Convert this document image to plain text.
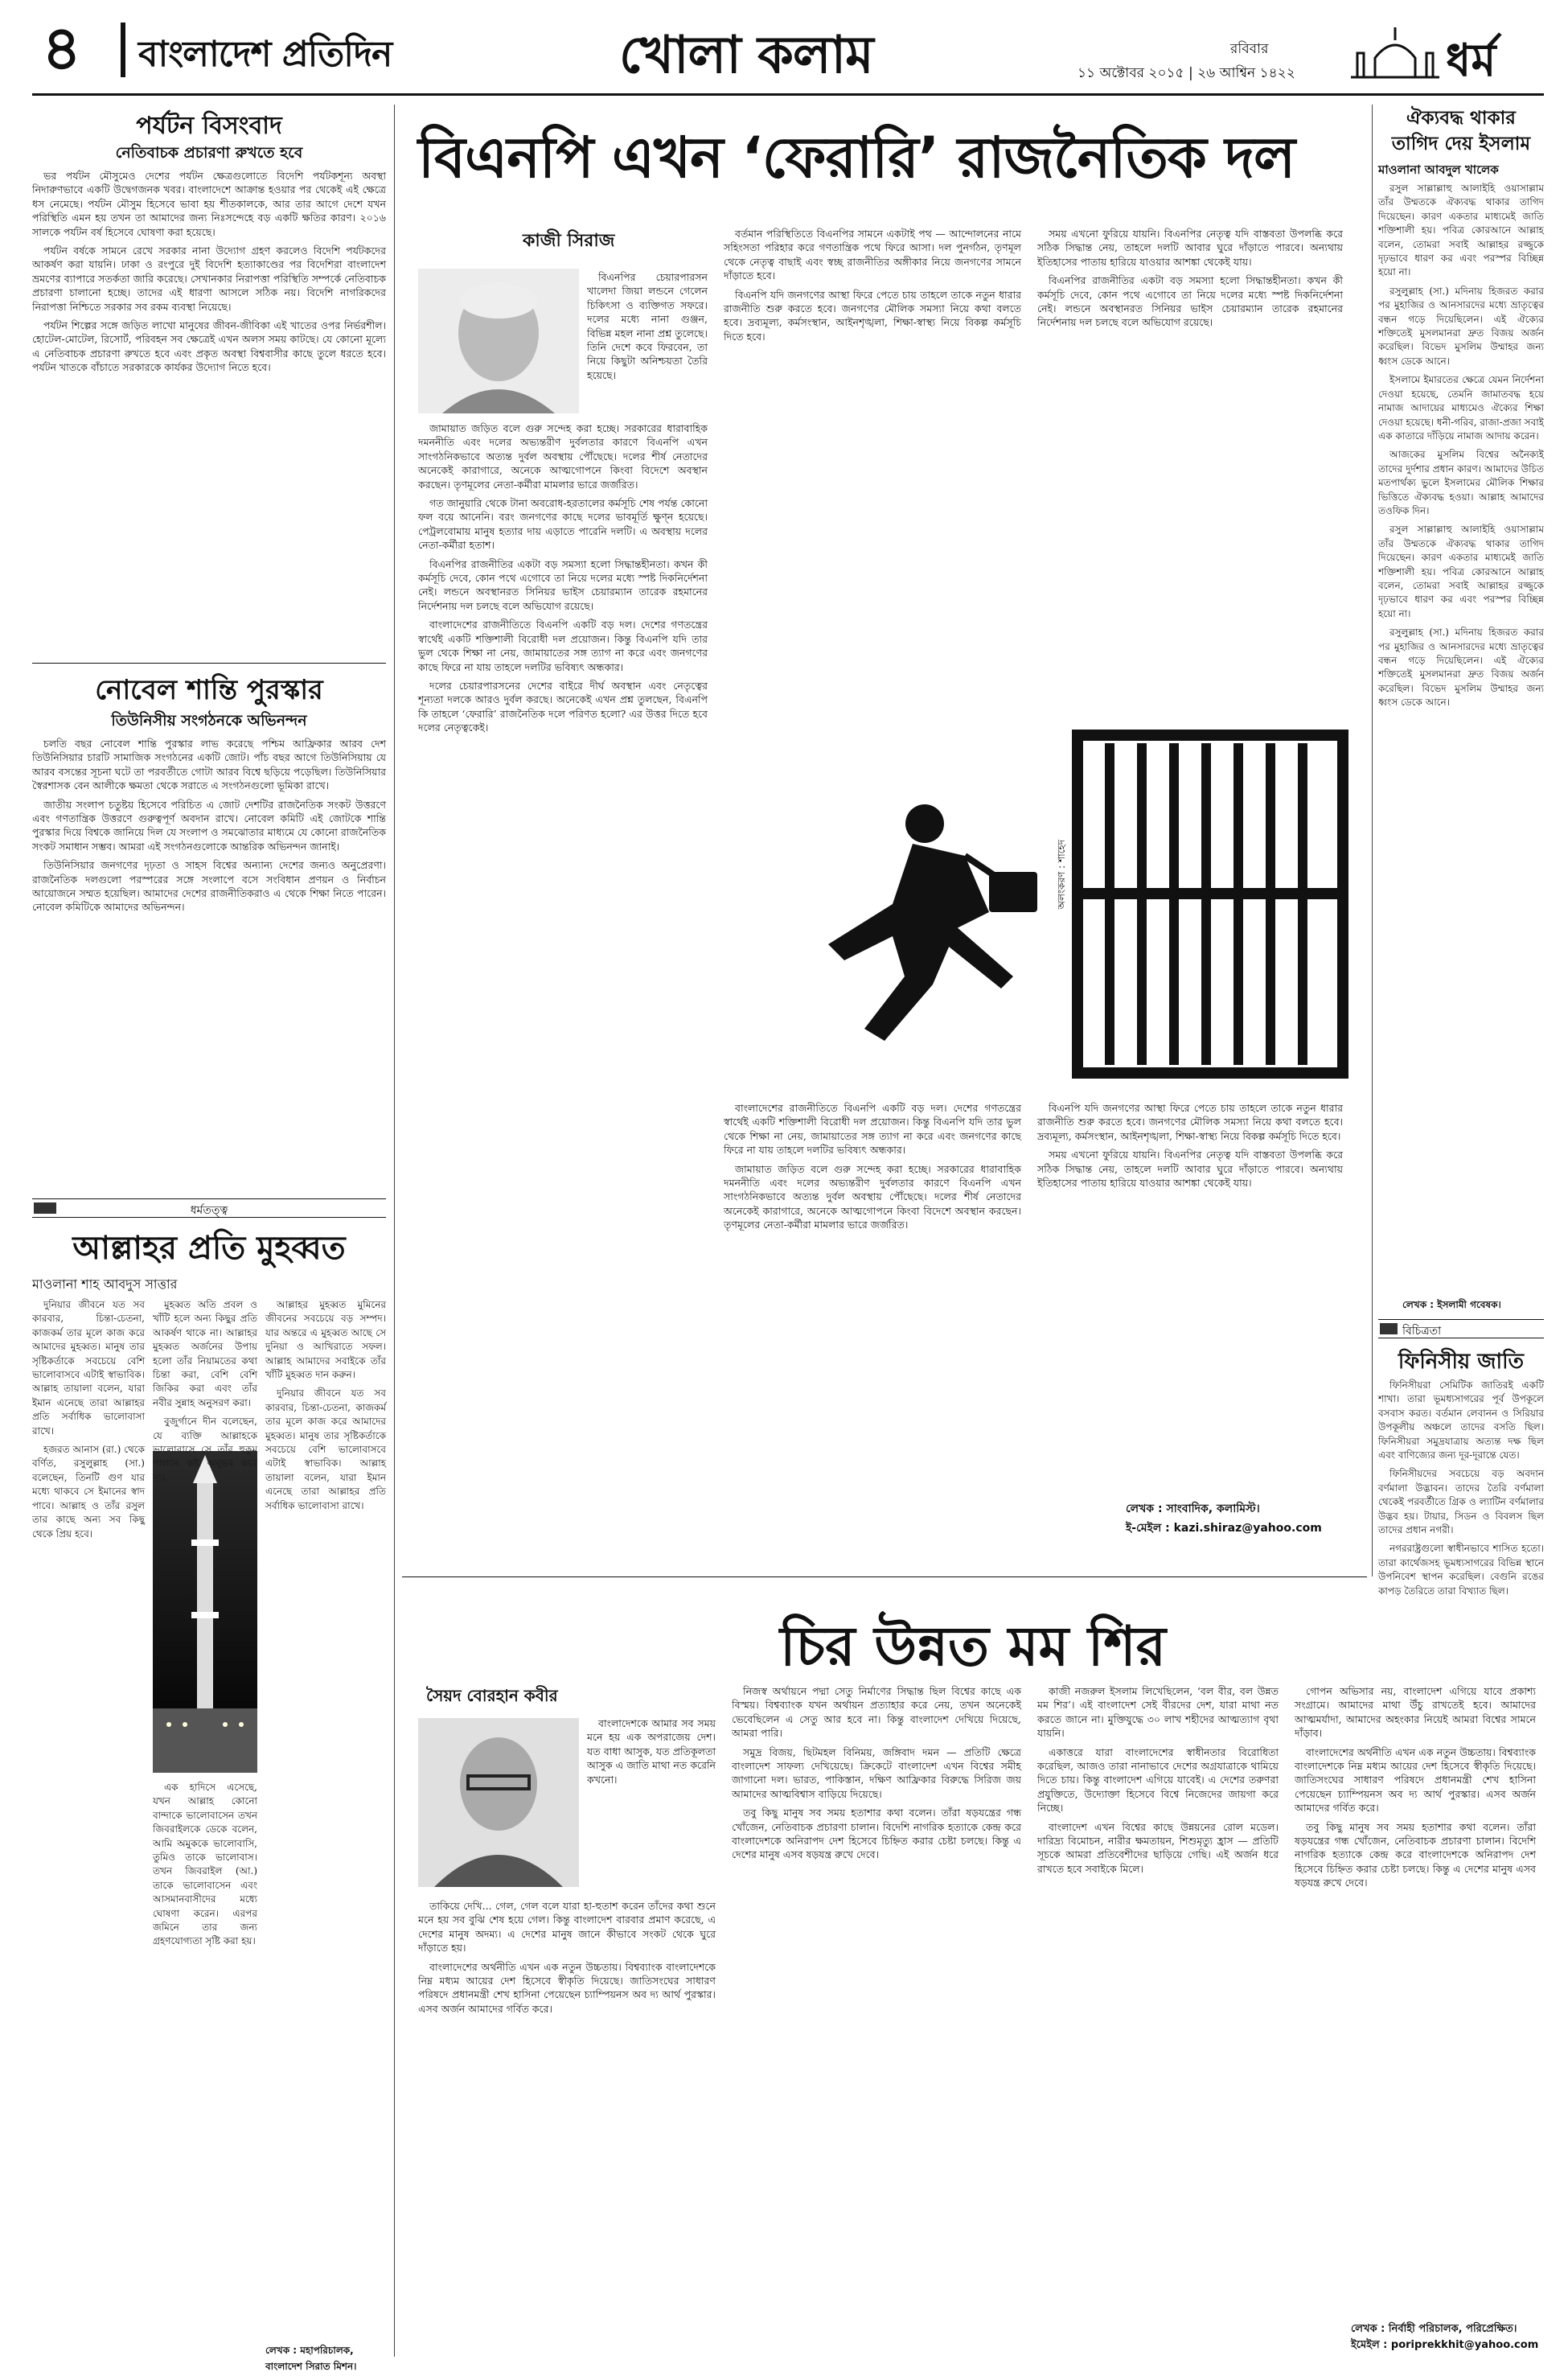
৪ বাংলাদেশ প্রতিদিন	খোলা কলাম	রবিবার
১১ অক্টোবর ২০১৫ | ২৬ আশ্বিন ১৪২২	ধর্ম
পর্যটন বিসংবাদ
নেতিবাচক প্রচারণা রুখতে হবে

ভর পর্যটন মৌসুমেও দেশের পর্যটন ক্ষেত্রগুলোতে বিদেশি পর্যটকশূন্য অবস্থা নিদারুণভাবে একটি উদ্বেগজনক খবর। বাংলাদেশে আক্রান্ত হওয়ার পর থেকেই এই ক্ষেত্রে ধস নেমেছে। পর্যটন মৌসুম হিসেবে ভাবা হয় শীতকালকে, আর তার আগে দেশে যখন পরিস্থিতি এমন হয় তখন তা আমাদের জন্য নিঃসন্দেহে বড় একটি ক্ষতির কারণ। ২০১৬ সালকে পর্যটন বর্ষ হিসেবে ঘোষণা করা হয়েছে।

পর্যটন বর্ষকে সামনে রেখে সরকার নানা উদ্যোগ গ্রহণ করলেও বিদেশি পর্যটকদের আকর্ষণ করা যায়নি। ঢাকা ও রংপুরে দুই বিদেশি হত্যাকাণ্ডের পর বিদেশিরা বাংলাদেশ ভ্রমণের ব্যাপারে সতর্কতা জারি করেছে। সেখানকার নিরাপত্তা পরিস্থিতি সম্পর্কে নেতিবাচক প্রচারণা চালানো হচ্ছে। তাদের এই ধারণা আসলে সঠিক নয়। বিদেশি নাগরিকদের নিরাপত্তা নিশ্চিতে সরকার সব রকম ব্যবস্থা নিয়েছে।

পর্যটন শিল্পের সঙ্গে জড়িত লাখো মানুষের জীবন-জীবিকা এই খাতের ওপর নির্ভরশীল। হোটেল-মোটেল, রিসোর্ট, পরিবহন সব ক্ষেত্রেই এখন অলস সময় কাটছে। যে কোনো মূল্যে এ নেতিবাচক প্রচারণা রুখতে হবে এবং প্রকৃত অবস্থা বিশ্ববাসীর কাছে তুলে ধরতে হবে। পর্যটন খাতকে বাঁচাতে সরকারকে কার্যকর উদ্যোগ নিতে হবে।

নোবেল শান্তি পুরস্কার
তিউনিসীয় সংগঠনকে অভিনন্দন

চলতি বছর নোবেল শান্তি পুরস্কার লাভ করেছে পশ্চিম আফ্রিকার আরব দেশ তিউনিসিয়ার চারটি সামাজিক সংগঠনের একটি জোট। পাঁচ বছর আগে তিউনিসিয়ায় যে আরব বসন্তের সূচনা ঘটে তা পরবর্তীতে গোটা আরব বিশ্বে ছড়িয়ে পড়েছিল। তিউনিসিয়ার স্বৈরশাসক বেন আলীকে ক্ষমতা থেকে সরাতে এ সংগঠনগুলো ভূমিকা রাখে।

জাতীয় সংলাপ চতুষ্টয় হিসেবে পরিচিত এ জোট দেশটির রাজনৈতিক সংকট উত্তরণে এবং গণতান্ত্রিক উত্তরণে গুরুত্বপূর্ণ অবদান রাখে। নোবেল কমিটি এই জোটকে শান্তি পুরস্কার দিয়ে বিশ্বকে জানিয়ে দিল যে সংলাপ ও সমঝোতার মাধ্যমে যে কোনো রাজনৈতিক সংকট সমাধান সম্ভব। আমরা এই সংগঠনগুলোকে আন্তরিক অভিনন্দন জানাই।

তিউনিসিয়ার জনগণের দৃঢ়তা ও সাহস বিশ্বের অন্যান্য দেশের জন্যও অনুপ্রেরণা। রাজনৈতিক দলগুলো পরস্পরের সঙ্গে সংলাপে বসে সংবিধান প্রণয়ন ও নির্বাচন আয়োজনে সম্মত হয়েছিল। আমাদের দেশের রাজনীতিকরাও এ থেকে শিক্ষা নিতে পারেন। নোবেল কমিটিকে আমাদের অভিনন্দন।

ধর্মতত্ত্ব
আল্লাহর প্রতি মুহব্বত
মাওলানা শাহ আবদুস সাত্তার

দুনিয়ার জীবনে যত সব কারবার, চিন্তা-চেতনা, কাজকর্ম তার মূলে কাজ করে আমাদের মুহব্বত। মানুষ তার সৃষ্টিকর্তাকে সবচেয়ে বেশি ভালোবাসবে এটাই স্বাভাবিক। আল্লাহ তায়ালা বলেন, যারা ইমান এনেছে তারা আল্লাহর প্রতি সর্বাধিক ভালোবাসা রাখে।

হজরত আনাস (রা.) থেকে বর্ণিত, রসুলুল্লাহ (সা.) বলেছেন, তিনটি গুণ যার মধ্যে থাকবে সে ইমানের স্বাদ পাবে। আল্লাহ ও তাঁর রসুল তার কাছে অন্য সব কিছু থেকে প্রিয় হবে।

মুহব্বত অতি প্রবল ও খাঁটি হলে অন্য কিছুর প্রতি আকর্ষণ থাকে না। আল্লাহর মুহব্বত অর্জনের উপায় হলো তাঁর নিয়ামতের কথা চিন্তা করা, বেশি বেশি জিকির করা এবং তাঁর নবীর সুন্নাহ অনুসরণ করা।

বুজুর্গানে দীন বলেছেন, যে ব্যক্তি আল্লাহকে ভালোবাসে সে তাঁর হুকুম পালনে কষ্ট অনুভব করে না।

এক হাদিসে এসেছে, যখন আল্লাহ কোনো বান্দাকে ভালোবাসেন তখন জিবরাইলকে ডেকে বলেন, আমি অমুককে ভালোবাসি, তুমিও তাকে ভালোবাস। তখন জিবরাইল (আ.) তাকে ভালোবাসেন এবং আসমানবাসীদের মধ্যে ঘোষণা করেন। এরপর জমিনে তার জন্য গ্রহণযোগ্যতা সৃষ্টি করা হয়।

আল্লাহর মুহব্বত মুমিনের জীবনের সবচেয়ে বড় সম্পদ। যার অন্তরে এ মুহব্বত আছে সে দুনিয়া ও আখিরাতে সফল। আল্লাহ আমাদের সবাইকে তাঁর খাঁটি মুহব্বত দান করুন।

দুনিয়ার জীবনে যত সব কারবার, চিন্তা-চেতনা, কাজকর্ম তার মূলে কাজ করে আমাদের মুহব্বত। মানুষ তার সৃষ্টিকর্তাকে সবচেয়ে বেশি ভালোবাসবে এটাই স্বাভাবিক। আল্লাহ তায়ালা বলেন, যারা ইমান এনেছে তারা আল্লাহর প্রতি সর্বাধিক ভালোবাসা রাখে।

লেখক : মহাপরিচালক, বাংলাদেশ সিরাত মিশন।
বিএনপি এখন ‘ফেরারি’ রাজনৈতিক দল
কাজী সিরাজ

বিএনপির চেয়ারপারসন খালেদা জিয়া লন্ডনে গেলেন চিকিৎসা ও ব্যক্তিগত সফরে। দলের মধ্যে নানা গুঞ্জন, বিভিন্ন মহল নানা প্রশ্ন তুলেছে। তিনি দেশে কবে ফিরবেন, তা নিয়ে কিছুটা অনিশ্চয়তা তৈরি হয়েছে।

জামায়াত জড়িত বলে গুরু সন্দেহ করা হচ্ছে। সরকারের ধারাবাহিক দমননীতি এবং দলের অভ্যন্তরীণ দুর্বলতার কারণে বিএনপি এখন সাংগঠনিকভাবে অত্যন্ত দুর্বল অবস্থায় পৌঁছেছে। দলের শীর্ষ নেতাদের অনেকেই কারাগারে, অনেকে আত্মগোপনে কিংবা বিদেশে অবস্থান করছেন। তৃণমূলের নেতা-কর্মীরা মামলার ভারে জর্জরিত।

গত জানুয়ারি থেকে টানা অবরোধ-হরতালের কর্মসূচি শেষ পর্যন্ত কোনো ফল বয়ে আনেনি। বরং জনগণের কাছে দলের ভাবমূর্তি ক্ষুণ্ন হয়েছে। পেট্রলবোমায় মানুষ হত্যার দায় এড়াতে পারেনি দলটি। এ অবস্থায় দলের নেতা-কর্মীরা হতাশ।

বিএনপির রাজনীতির একটা বড় সমস্যা হলো সিদ্ধান্তহীনতা। কখন কী কর্মসূচি দেবে, কোন পথে এগোবে তা নিয়ে দলের মধ্যে স্পষ্ট দিকনির্দেশনা নেই। লন্ডনে অবস্থানরত সিনিয়র ভাইস চেয়ারম্যান তারেক রহমানের নির্দেশনায় দল চলছে বলে অভিযোগ রয়েছে।

বাংলাদেশের রাজনীতিতে বিএনপি একটি বড় দল। দেশের গণতন্ত্রের স্বার্থেই একটি শক্তিশালী বিরোধী দল প্রয়োজন। কিন্তু বিএনপি যদি তার ভুল থেকে শিক্ষা না নেয়, জামায়াতের সঙ্গ ত্যাগ না করে এবং জনগণের কাছে ফিরে না যায় তাহলে দলটির ভবিষ্যৎ অন্ধকার।

দলের চেয়ারপারসনের দেশের বাইরে দীর্ঘ অবস্থান এবং নেতৃত্বের শূন্যতা দলকে আরও দুর্বল করছে। অনেকেই এখন প্রশ্ন তুলছেন, বিএনপি কি তাহলে ‘ফেরারি’ রাজনৈতিক দলে পরিণত হলো? এর উত্তর দিতে হবে দলের নেতৃত্বকেই।

বর্তমান পরিস্থিতিতে বিএনপির সামনে একটাই পথ — আন্দোলনের নামে সহিংসতা পরিহার করে গণতান্ত্রিক পথে ফিরে আসা। দল পুনর্গঠন, তৃণমূল থেকে নেতৃত্ব বাছাই এবং স্বচ্ছ রাজনীতির অঙ্গীকার নিয়ে জনগণের সামনে দাঁড়াতে হবে।

বিএনপি যদি জনগণের আস্থা ফিরে পেতে চায় তাহলে তাকে নতুন ধারার রাজনীতি শুরু করতে হবে। জনগণের মৌলিক সমস্যা নিয়ে কথা বলতে হবে। দ্রব্যমূল্য, কর্মসংস্থান, আইনশৃঙ্খলা, শিক্ষা-স্বাস্থ্য নিয়ে বিকল্প কর্মসূচি দিতে হবে।

সময় এখনো ফুরিয়ে যায়নি। বিএনপির নেতৃত্ব যদি বাস্তবতা উপলব্ধি করে সঠিক সিদ্ধান্ত নেয়, তাহলে দলটি আবার ঘুরে দাঁড়াতে পারবে। অন্যথায় ইতিহাসের পাতায় হারিয়ে যাওয়ার আশঙ্কা থেকেই যায়।

বিএনপির রাজনীতির একটা বড় সমস্যা হলো সিদ্ধান্তহীনতা। কখন কী কর্মসূচি দেবে, কোন পথে এগোবে তা নিয়ে দলের মধ্যে স্পষ্ট দিকনির্দেশনা নেই। লন্ডনে অবস্থানরত সিনিয়র ভাইস চেয়ারম্যান তারেক রহমানের নির্দেশনায় দল চলছে বলে অভিযোগ রয়েছে।

অলংকরণ : শাহেদ

বাংলাদেশের রাজনীতিতে বিএনপি একটি বড় দল। দেশের গণতন্ত্রের স্বার্থেই একটি শক্তিশালী বিরোধী দল প্রয়োজন। কিন্তু বিএনপি যদি তার ভুল থেকে শিক্ষা না নেয়, জামায়াতের সঙ্গ ত্যাগ না করে এবং জনগণের কাছে ফিরে না যায় তাহলে দলটির ভবিষ্যৎ অন্ধকার।

জামায়াত জড়িত বলে গুরু সন্দেহ করা হচ্ছে। সরকারের ধারাবাহিক দমননীতি এবং দলের অভ্যন্তরীণ দুর্বলতার কারণে বিএনপি এখন সাংগঠনিকভাবে অত্যন্ত দুর্বল অবস্থায় পৌঁছেছে। দলের শীর্ষ নেতাদের অনেকেই কারাগারে, অনেকে আত্মগোপনে কিংবা বিদেশে অবস্থান করছেন। তৃণমূলের নেতা-কর্মীরা মামলার ভারে জর্জরিত।

বিএনপি যদি জনগণের আস্থা ফিরে পেতে চায় তাহলে তাকে নতুন ধারার রাজনীতি শুরু করতে হবে। জনগণের মৌলিক সমস্যা নিয়ে কথা বলতে হবে। দ্রব্যমূল্য, কর্মসংস্থান, আইনশৃঙ্খলা, শিক্ষা-স্বাস্থ্য নিয়ে বিকল্প কর্মসূচি দিতে হবে।

সময় এখনো ফুরিয়ে যায়নি। বিএনপির নেতৃত্ব যদি বাস্তবতা উপলব্ধি করে সঠিক সিদ্ধান্ত নেয়, তাহলে দলটি আবার ঘুরে দাঁড়াতে পারবে। অন্যথায় ইতিহাসের পাতায় হারিয়ে যাওয়ার আশঙ্কা থেকেই যায়।

লেখক : সাংবাদিক, কলামিস্ট।
ই-মেইল : kazi.shiraz@yahoo.com
চির উন্নত মম শির
সৈয়দ বোরহান কবীর

বাংলাদেশকে আমার সব সময় মনে হয় এক অপরাজেয় দেশ। যত বাধা আসুক, যত প্রতিকূলতা আসুক এ জাতি মাথা নত করেনি কখনো।

তাকিয়ে দেখি... গেল, গেল বলে যারা হা-হুতাশ করেন তাঁদের কথা শুনে মনে হয় সব বুঝি শেষ হয়ে গেল। কিন্তু বাংলাদেশ বারবার প্রমাণ করেছে, এ দেশের মানুষ অদম্য। এ দেশের মানুষ জানে কীভাবে সংকট থেকে ঘুরে দাঁড়াতে হয়।

বাংলাদেশের অর্থনীতি এখন এক নতুন উচ্চতায়। বিশ্বব্যাংক বাংলাদেশকে নিম্ন মধ্যম আয়ের দেশ হিসেবে স্বীকৃতি দিয়েছে। জাতিসংঘের সাধারণ পরিষদে প্রধানমন্ত্রী শেখ হাসিনা পেয়েছেন চ্যাম্পিয়নস অব দ্য আর্থ পুরস্কার। এসব অর্জন আমাদের গর্বিত করে।

নিজস্ব অর্থায়নে পদ্মা সেতু নির্মাণের সিদ্ধান্ত ছিল বিশ্বের কাছে এক বিস্ময়। বিশ্বব্যাংক যখন অর্থায়ন প্রত্যাহার করে নেয়, তখন অনেকেই ভেবেছিলেন এ সেতু আর হবে না। কিন্তু বাংলাদেশ দেখিয়ে দিয়েছে, আমরা পারি।

সমুদ্র বিজয়, ছিটমহল বিনিময়, জঙ্গিবাদ দমন — প্রতিটি ক্ষেত্রে বাংলাদেশ সাফল্য দেখিয়েছে। ক্রিকেটে বাংলাদেশ এখন বিশ্বের সমীহ জাগানো দল। ভারত, পাকিস্তান, দক্ষিণ আফ্রিকার বিরুদ্ধে সিরিজ জয় আমাদের আত্মবিশ্বাস বাড়িয়ে দিয়েছে।

তবু কিছু মানুষ সব সময় হতাশার কথা বলেন। তাঁরা ষড়যন্ত্রের গন্ধ খোঁজেন, নেতিবাচক প্রচারণা চালান। বিদেশি নাগরিক হত্যাকে কেন্দ্র করে বাংলাদেশকে অনিরাপদ দেশ হিসেবে চিহ্নিত করার চেষ্টা চলছে। কিন্তু এ দেশের মানুষ এসব ষড়যন্ত্র রুখে দেবে।

কাজী নজরুল ইসলাম লিখেছিলেন, ‘বল বীর, বল উন্নত মম শির’। এই বাংলাদেশ সেই বীরদের দেশ, যারা মাথা নত করতে জানে না। মুক্তিযুদ্ধে ৩০ লাখ শহীদের আত্মত্যাগ বৃথা যায়নি।

একাত্তরে যারা বাংলাদেশের স্বাধীনতার বিরোধিতা করেছিল, আজও তারা নানাভাবে দেশের অগ্রযাত্রাকে থামিয়ে দিতে চায়। কিন্তু বাংলাদেশ এগিয়ে যাবেই। এ দেশের তরুণরা প্রযুক্তিতে, উদ্যোক্তা হিসেবে বিশ্বে নিজেদের জায়গা করে নিচ্ছে।

বাংলাদেশ এখন বিশ্বের কাছে উন্নয়নের রোল মডেল। দারিদ্র্য বিমোচন, নারীর ক্ষমতায়ন, শিশুমৃত্যু হ্রাস — প্রতিটি সূচকে আমরা প্রতিবেশীদের ছাড়িয়ে গেছি। এই অর্জন ধরে রাখতে হবে সবাইকে মিলে।

গোপন অভিসার নয়, বাংলাদেশ এগিয়ে যাবে প্রকাশ্য সংগ্রামে। আমাদের মাথা উঁচু রাখতেই হবে। আমাদের আত্মমর্যাদা, আমাদের অহংকার নিয়েই আমরা বিশ্বের সামনে দাঁড়াব।

বাংলাদেশের অর্থনীতি এখন এক নতুন উচ্চতায়। বিশ্বব্যাংক বাংলাদেশকে নিম্ন মধ্যম আয়ের দেশ হিসেবে স্বীকৃতি দিয়েছে। জাতিসংঘের সাধারণ পরিষদে প্রধানমন্ত্রী শেখ হাসিনা পেয়েছেন চ্যাম্পিয়নস অব দ্য আর্থ পুরস্কার। এসব অর্জন আমাদের গর্বিত করে।

তবু কিছু মানুষ সব সময় হতাশার কথা বলেন। তাঁরা ষড়যন্ত্রের গন্ধ খোঁজেন, নেতিবাচক প্রচারণা চালান। বিদেশি নাগরিক হত্যাকে কেন্দ্র করে বাংলাদেশকে অনিরাপদ দেশ হিসেবে চিহ্নিত করার চেষ্টা চলছে। কিন্তু এ দেশের মানুষ এসব ষড়যন্ত্র রুখে দেবে।

লেখক : নির্বাহী পরিচালক, পরিপ্রেক্ষিত।
ইমেইল : poriprekkhit@yahoo.com
ঐক্যবদ্ধ থাকার
তাগিদ দেয় ইসলাম
মাওলানা আবদুল খালেক

রসুল সাল্লাল্লাহু আলাইহি ওয়াসাল্লাম তাঁর উম্মতকে ঐক্যবদ্ধ থাকার তাগিদ দিয়েছেন। কারণ একতার মাধ্যমেই জাতি শক্তিশালী হয়। পবিত্র কোরআনে আল্লাহ বলেন, তোমরা সবাই আল্লাহর রজ্জুকে দৃঢ়ভাবে ধারণ কর এবং পরস্পর বিচ্ছিন্ন হয়ো না।

রসুলুল্লাহ (সা.) মদিনায় হিজরত করার পর মুহাজির ও আনসারদের মধ্যে ভ্রাতৃত্বের বন্ধন গড়ে দিয়েছিলেন। এই ঐক্যের শক্তিতেই মুসলমানরা দ্রুত বিজয় অর্জন করেছিল। বিভেদ মুসলিম উম্মাহর জন্য ধ্বংস ডেকে আনে।

ইসলামে ইমারতের ক্ষেত্রে যেমন নির্দেশনা দেওয়া হয়েছে, তেমনি জামাতবদ্ধ হয়ে নামাজ আদায়ের মাধ্যমেও ঐক্যের শিক্ষা দেওয়া হয়েছে। ধনী-গরিব, রাজা-প্রজা সবাই এক কাতারে দাঁড়িয়ে নামাজ আদায় করেন।

আজকের মুসলিম বিশ্বের অনৈক্যই তাদের দুর্দশার প্রধান কারণ। আমাদের উচিত মতপার্থক্য ভুলে ইসলামের মৌলিক শিক্ষার ভিত্তিতে ঐক্যবদ্ধ হওয়া। আল্লাহ আমাদের তওফিক দিন।

রসুল সাল্লাল্লাহু আলাইহি ওয়াসাল্লাম তাঁর উম্মতকে ঐক্যবদ্ধ থাকার তাগিদ দিয়েছেন। কারণ একতার মাধ্যমেই জাতি শক্তিশালী হয়। পবিত্র কোরআনে আল্লাহ বলেন, তোমরা সবাই আল্লাহর রজ্জুকে দৃঢ়ভাবে ধারণ কর এবং পরস্পর বিচ্ছিন্ন হয়ো না।

রসুলুল্লাহ (সা.) মদিনায় হিজরত করার পর মুহাজির ও আনসারদের মধ্যে ভ্রাতৃত্বের বন্ধন গড়ে দিয়েছিলেন। এই ঐক্যের শক্তিতেই মুসলমানরা দ্রুত বিজয় অর্জন করেছিল। বিভেদ মুসলিম উম্মাহর জন্য ধ্বংস ডেকে আনে।

লেখক : ইসলামী গবেষক।
বিচিত্রতা
ফিনিসীয় জাতি

ফিনিসীয়রা সেমিটিক জাতিরই একটি শাখা। তারা ভূমধ্যসাগরের পূর্ব উপকূলে বসবাস করত। বর্তমান লেবানন ও সিরিয়ার উপকূলীয় অঞ্চলে তাদের বসতি ছিল। ফিনিসীয়রা সমুদ্রযাত্রায় অত্যন্ত দক্ষ ছিল এবং বাণিজ্যের জন্য দূর-দূরান্তে যেত।

ফিনিসীয়দের সবচেয়ে বড় অবদান বর্ণমালা উদ্ভাবন। তাদের তৈরি বর্ণমালা থেকেই পরবর্তীতে গ্রিক ও ল্যাটিন বর্ণমালার উদ্ভব হয়। টায়ার, সিডন ও বিবলস ছিল তাদের প্রধান নগরী।

নগররাষ্ট্রগুলো স্বাধীনভাবে শাসিত হতো। তারা কার্থেজসহ ভূমধ্যসাগরের বিভিন্ন স্থানে উপনিবেশ স্থাপন করেছিল। বেগুনি রঙের কাপড় তৈরিতে তারা বিখ্যাত ছিল।
